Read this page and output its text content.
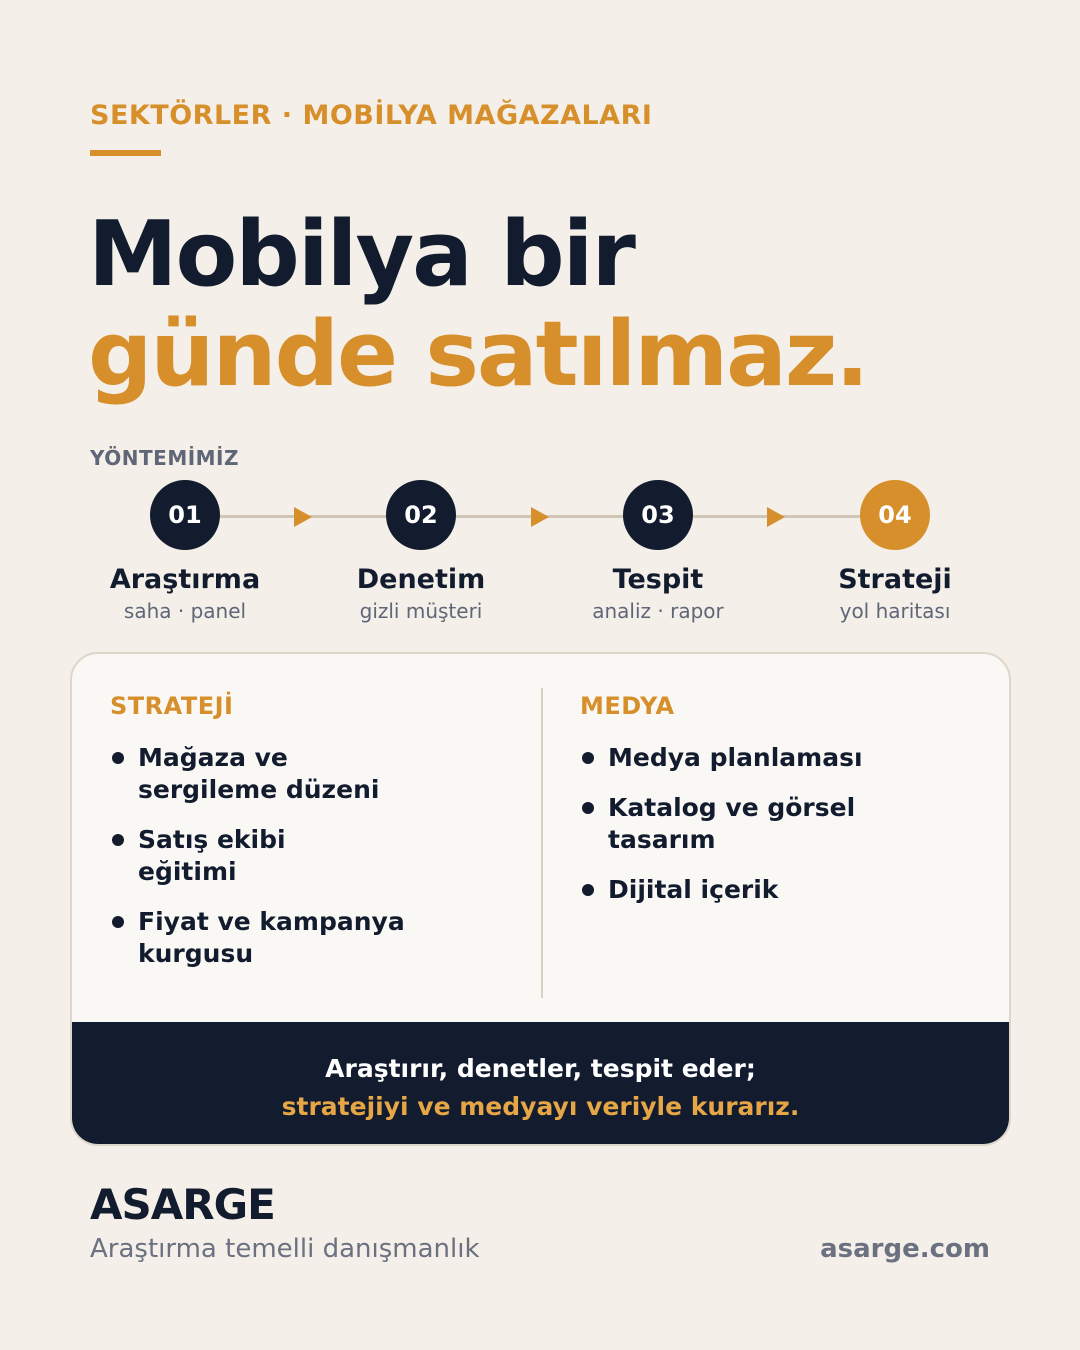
SEKTÖRLER · MOBİLYA MAĞAZALARI
Mobilya bir
günde satılmaz.
YÖNTEMİMİZ
01
Araştırma
saha · panel
02
Denetim
gizli müşteri
03
Tespit
analiz · rapor
04
Strateji
yol haritası
STRATEJİ
Mağaza ve sergileme düzeni
Satış ekibi eğitimi
Fiyat ve kampanya kurgusu
MEDYA
Medya planlaması
Katalog ve görsel tasarım
Dijital içerik
Araştırır, denetler, tespit eder;
stratejiyi ve medyayı veriyle kurarız.
ASARGE
Araştırma temelli danışmanlık	asarge.com
